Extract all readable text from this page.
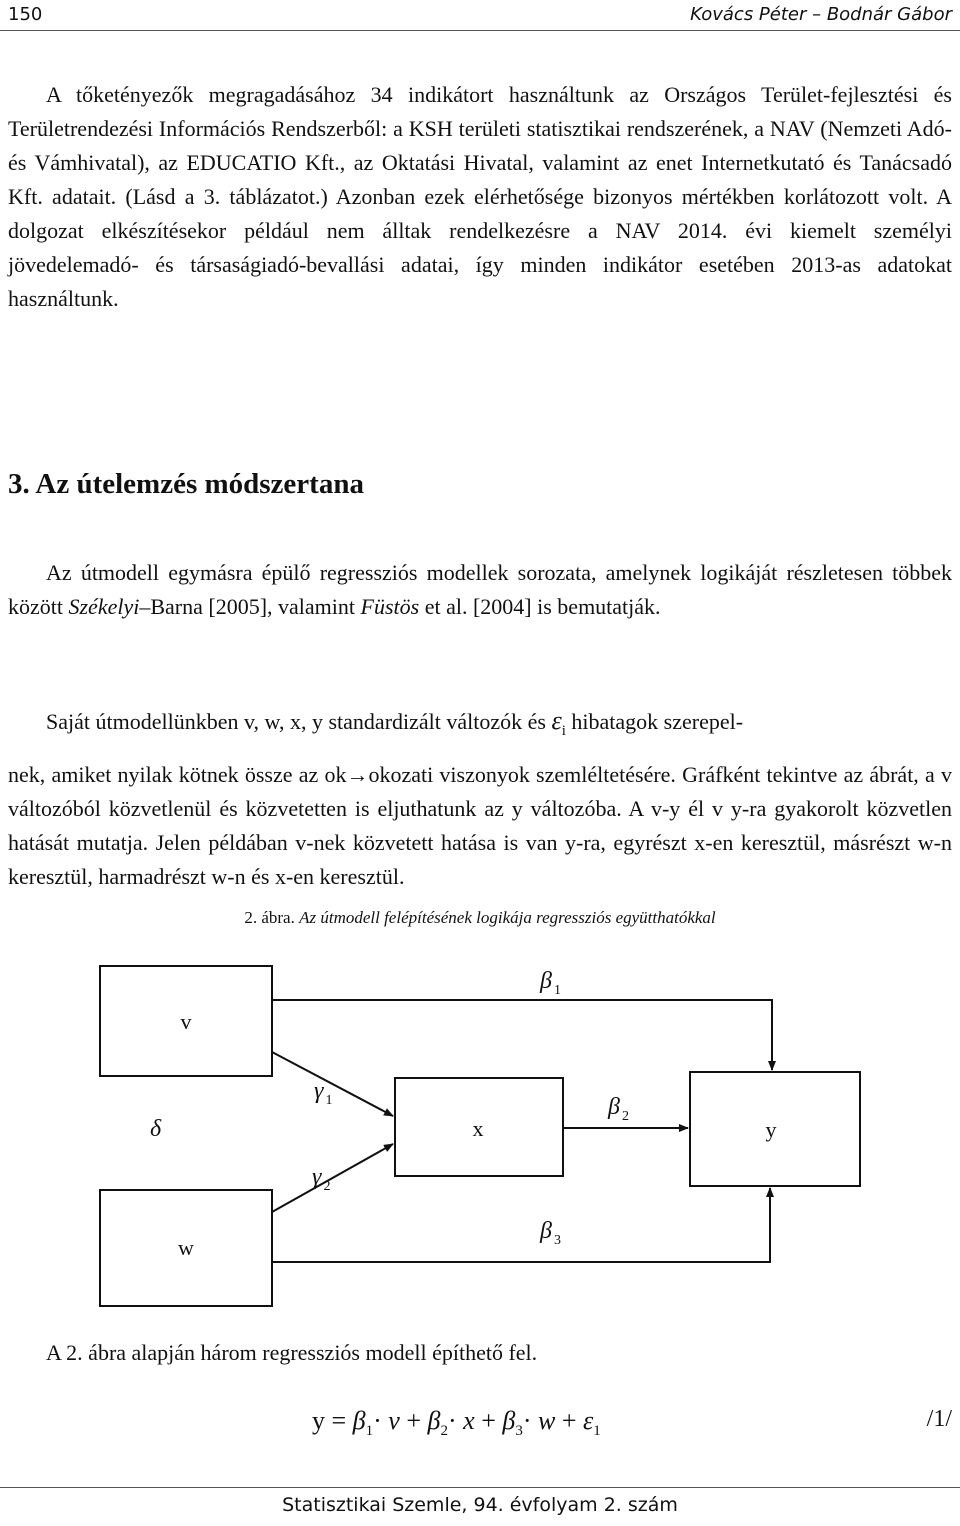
150	Kovács Péter – Bodnár Gábor

A tőketényezők megragadásához 34 indikátort használtunk az Országos Terület-fejlesztési és Területrendezési Információs Rendszerből: a KSH területi statisztikai rendszerének, a NAV (Nemzeti Adó- és Vámhivatal), az EDUCATIO Kft., az Oktatási Hivatal, valamint az enet Internetkutató és Tanácsadó Kft. adatait. (Lásd a 3. táblázatot.) Azonban ezek elérhetősége bizonyos mértékben korlátozott volt. A dolgozat elkészítésekor például nem álltak rendelkezésre a NAV 2014. évi kiemelt személyi jövedelemadó- és társaságiadó-bevallási adatai, így minden indikátor esetében 2013-as adatokat használtunk.

3. Az útelemzés módszertana

Az útmodell egymásra épülő regressziós modellek sorozata, amelynek logikáját részletesen többek között Székelyi–Barna [2005], valamint Füstös et al. [2004] is bemutatják.

Saját útmodellünkben v, w, x, y standardizált változók és $\varepsilon_i$ hibatagok szerepel-
nek, amiket nyilak kötnek össze az ok→okozati viszonyok szemléltetésére. Gráfként tekintve az ábrát, a v változóból közvetlenül és közvetetten is eljuthatunk az y változóba. A v-y él v y-ra gyakorolt közvetlen hatását mutatja. Jelen példában v-nek közvetett hatása is van y-ra, egyrészt x-en keresztül, másrészt w-n keresztül, harmadrészt w-n és x-en keresztül.

2. ábra. Az útmodell felépítésének logikája regressziós együtthatókkal
v
x	y
w
β $_1$
γ $_1$
δ
β $_2$
γ $_2$
β $_3$

A 2. ábra alapján három regressziós modell építhető fel.

$y = \beta_1\cdot v + \beta_2\cdot x + \beta_3\cdot w + \varepsilon_1$	/1/
Statisztikai Szemle, 94. évfolyam 2. szám
